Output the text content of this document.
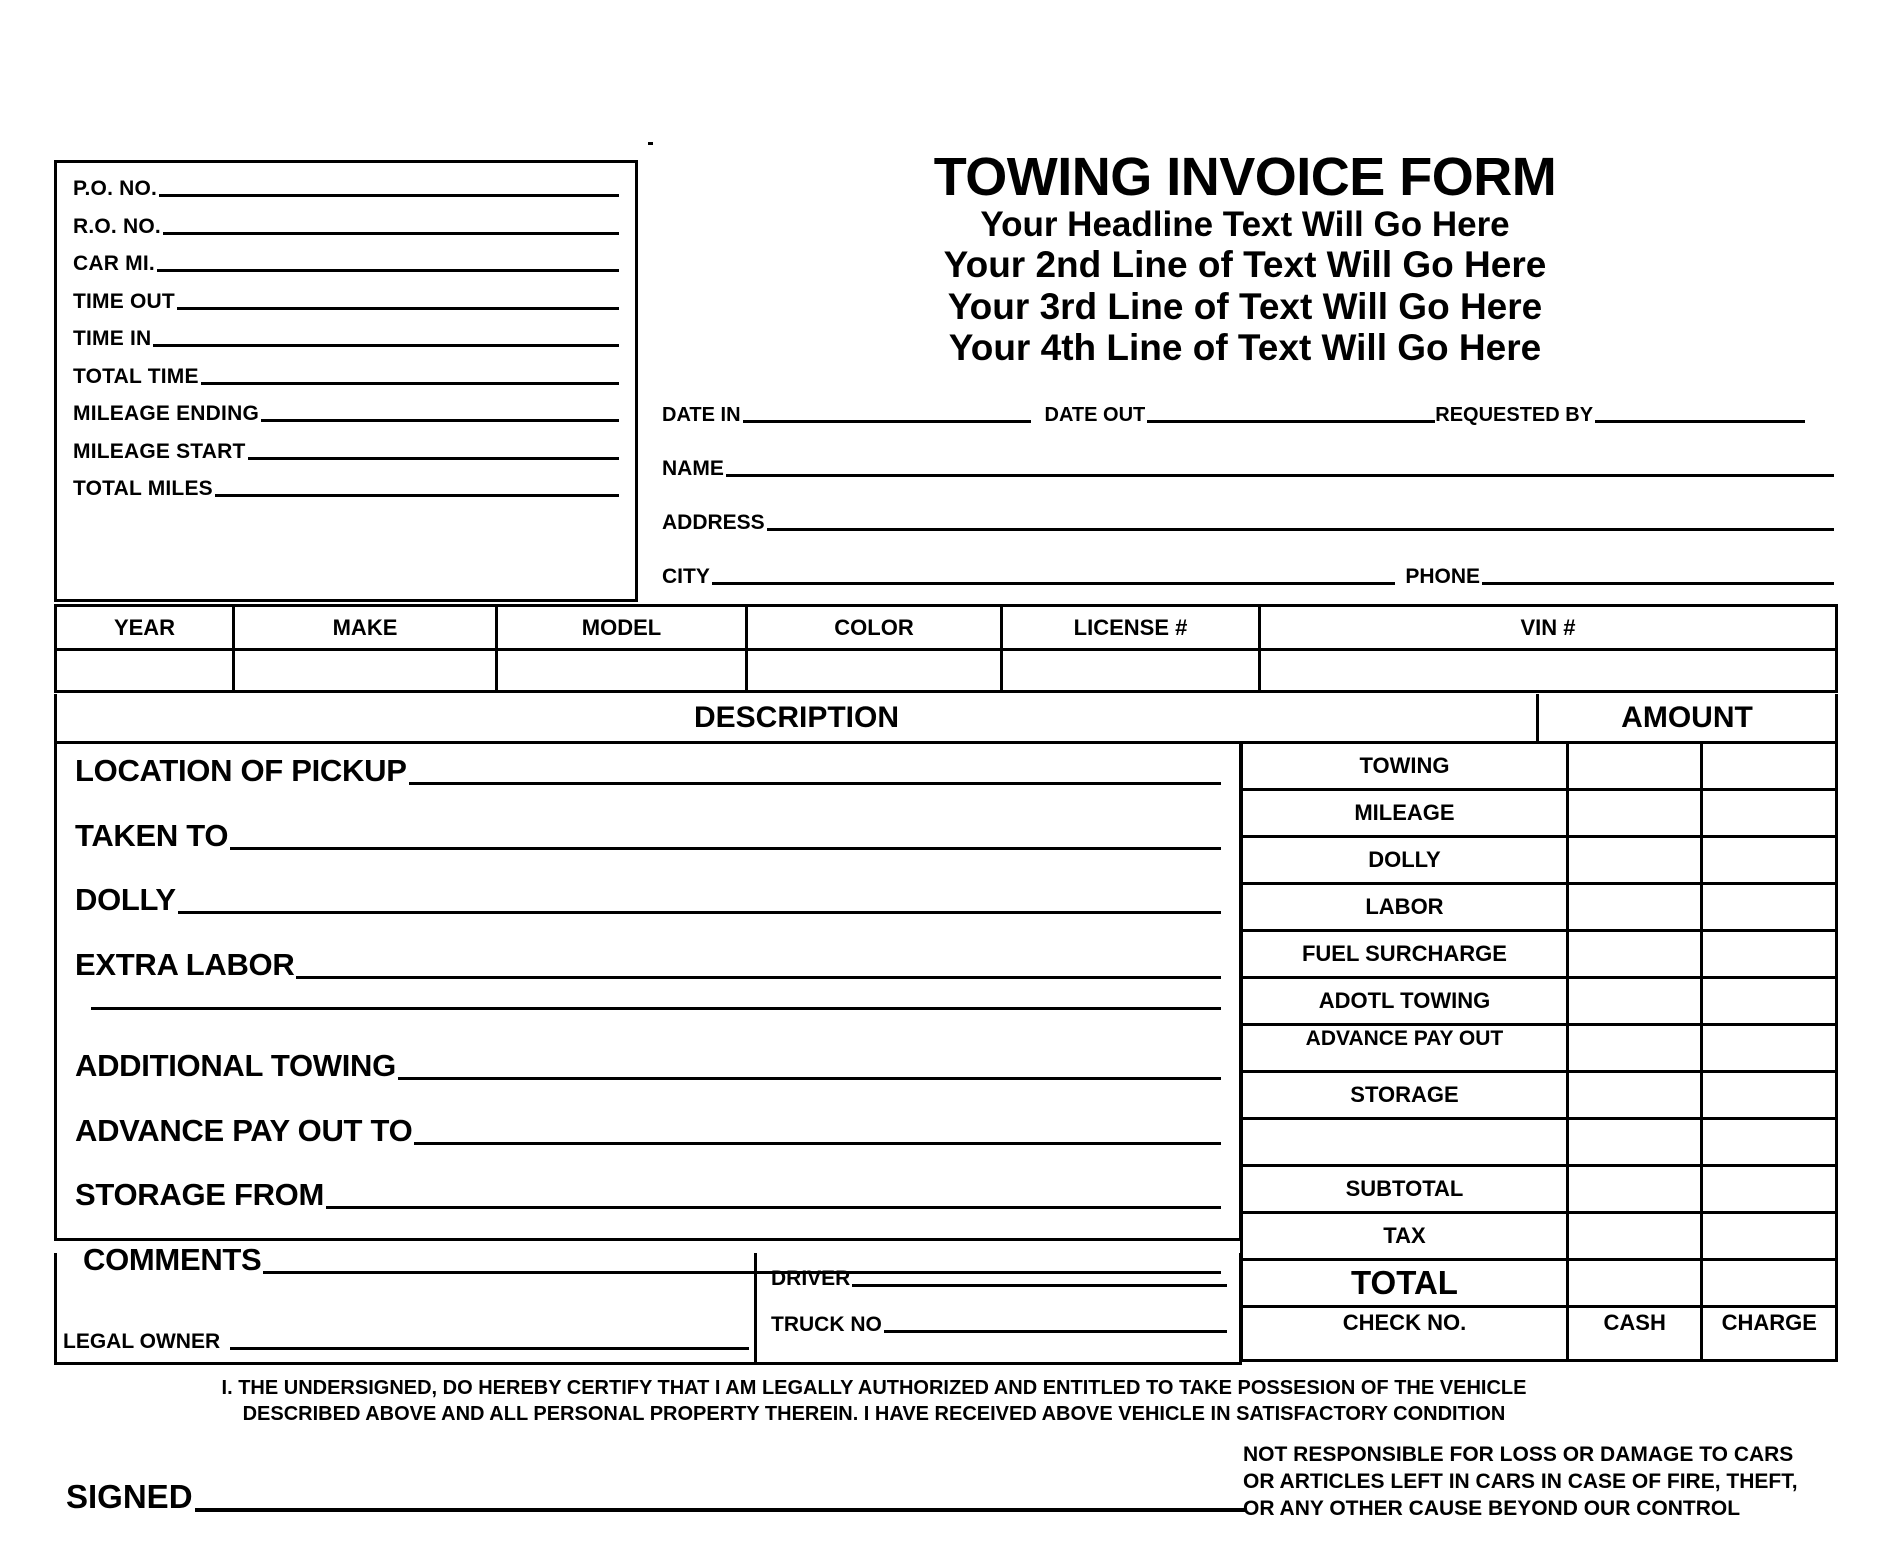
P.O. NO.
R.O. NO.
CAR MI.
TIME OUT
TIME IN
TOTAL TIME
MILEAGE ENDING
MILEAGE START
TOTAL MILES
TOWING INVOICE FORM
Your Headline Text Will Go Here
Your 2nd Line of Text Will Go Here
Your 3rd Line of Text Will Go Here
Your 4th Line of Text Will Go Here
DATE IN	DATE OUT	REQUESTED BY
NAME
ADDRESS
CITY	PHONE
YEAR	MAKE	MODEL	COLOR	LICENSE #	VIN #

DESCRIPTION	AMOUNT
LOCATION OF PICKUP
TAKEN TO
DOLLY
EXTRA LABOR
ADDITIONAL TOWING
ADVANCE PAY OUT TO
STORAGE FROM
COMMENTS
TOWING		
MILEAGE		
DOLLY		
LABOR		
FUEL SURCHARGE		
ADOTL TOWING		
ADVANCE PAY OUT		
STORAGE		

SUBTOTAL		
TAX		
TOTAL		
CHECK NO.	CASH	CHARGE
LEGAL OWNER
DRIVER
TRUCK NO
I. THE UNDERSIGNED, DO HEREBY CERTIFY THAT I AM LEGALLY AUTHORIZED AND ENTITLED TO TAKE POSSESION OF THE VEHICLE
DESCRIBED ABOVE AND ALL PERSONAL PROPERTY THEREIN. I HAVE RECEIVED ABOVE VEHICLE IN SATISFACTORY CONDITION
NOT RESPONSIBLE FOR LOSS OR DAMAGE TO CARS
OR ARTICLES LEFT IN CARS IN CASE OF FIRE, THEFT,
OR ANY OTHER CAUSE BEYOND OUR CONTROL
SIGNED
